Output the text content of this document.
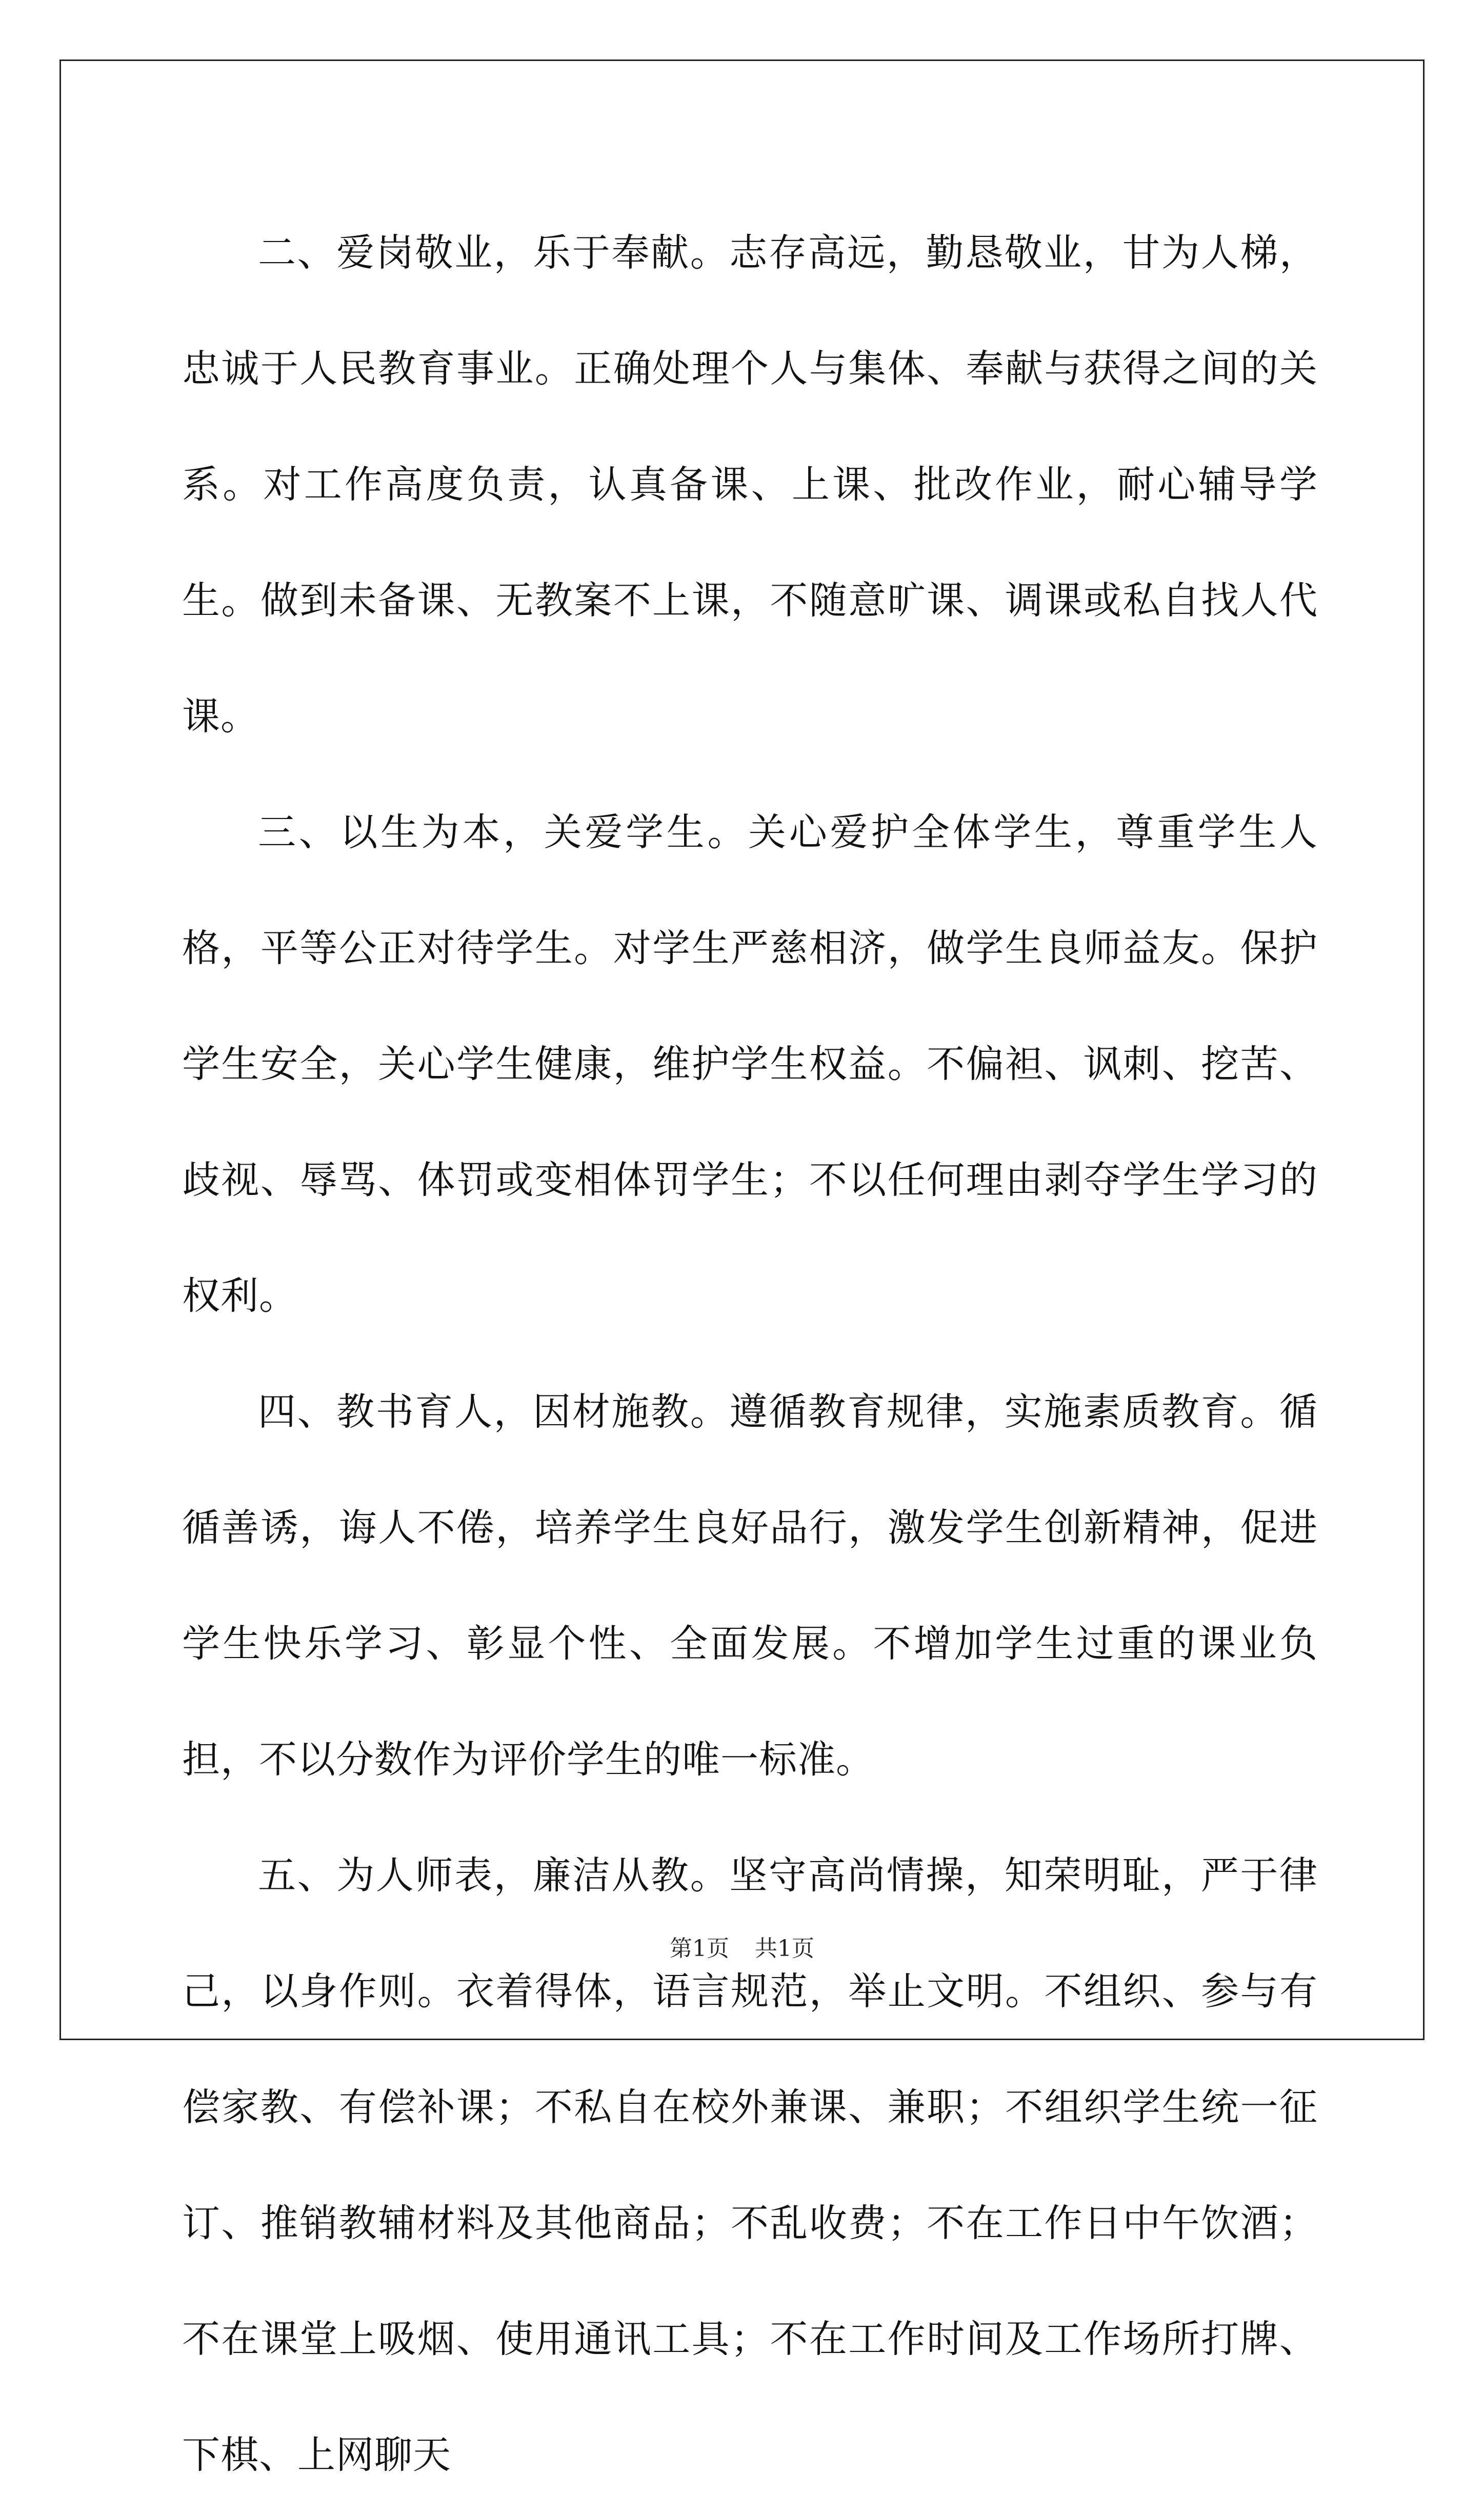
二、爱岗敬业，乐于奉献。志存高远，勤恳敬业，甘为人梯，忠诚于人民教育事业。正确处理个人与集体、奉献与获得之间的关系。对工作高度负责，认真备课、上课、批改作业，耐心辅导学生。做到未备课、无教案不上课，不随意旷课、调课或私自找人代课。

三、以生为本，关爱学生。关心爱护全体学生，尊重学生人格，平等公正对待学生。对学生严慈相济，做学生良师益友。保护学生安全，关心学生健康，维护学生权益。不偏袒、讽刺、挖苦、歧视、辱骂、体罚或变相体罚学生；不以任何理由剥夺学生学习的权利。

四、教书育人，因材施教。遵循教育规律，实施素质教育。循循善诱，诲人不倦，培养学生良好品行，激发学生创新精神，促进学生快乐学习、彰显个性、全面发展。不增加学生过重的课业负担，不以分数作为评价学生的唯一标准。

五、为人师表，廉洁从教。坚守高尚情操，知荣明耻，严于律己，以身作则。衣着得体，语言规范，举止文明。不组织、参与有偿家教、有偿补课；不私自在校外兼课、兼职；不组织学生统一征订、推销教辅材料及其他商品；不乱收费；不在工作日中午饮酒；不在课堂上吸烟、使用通讯工具；不在工作时间及工作场所打牌、下棋、上网聊天

第1页 共1页
